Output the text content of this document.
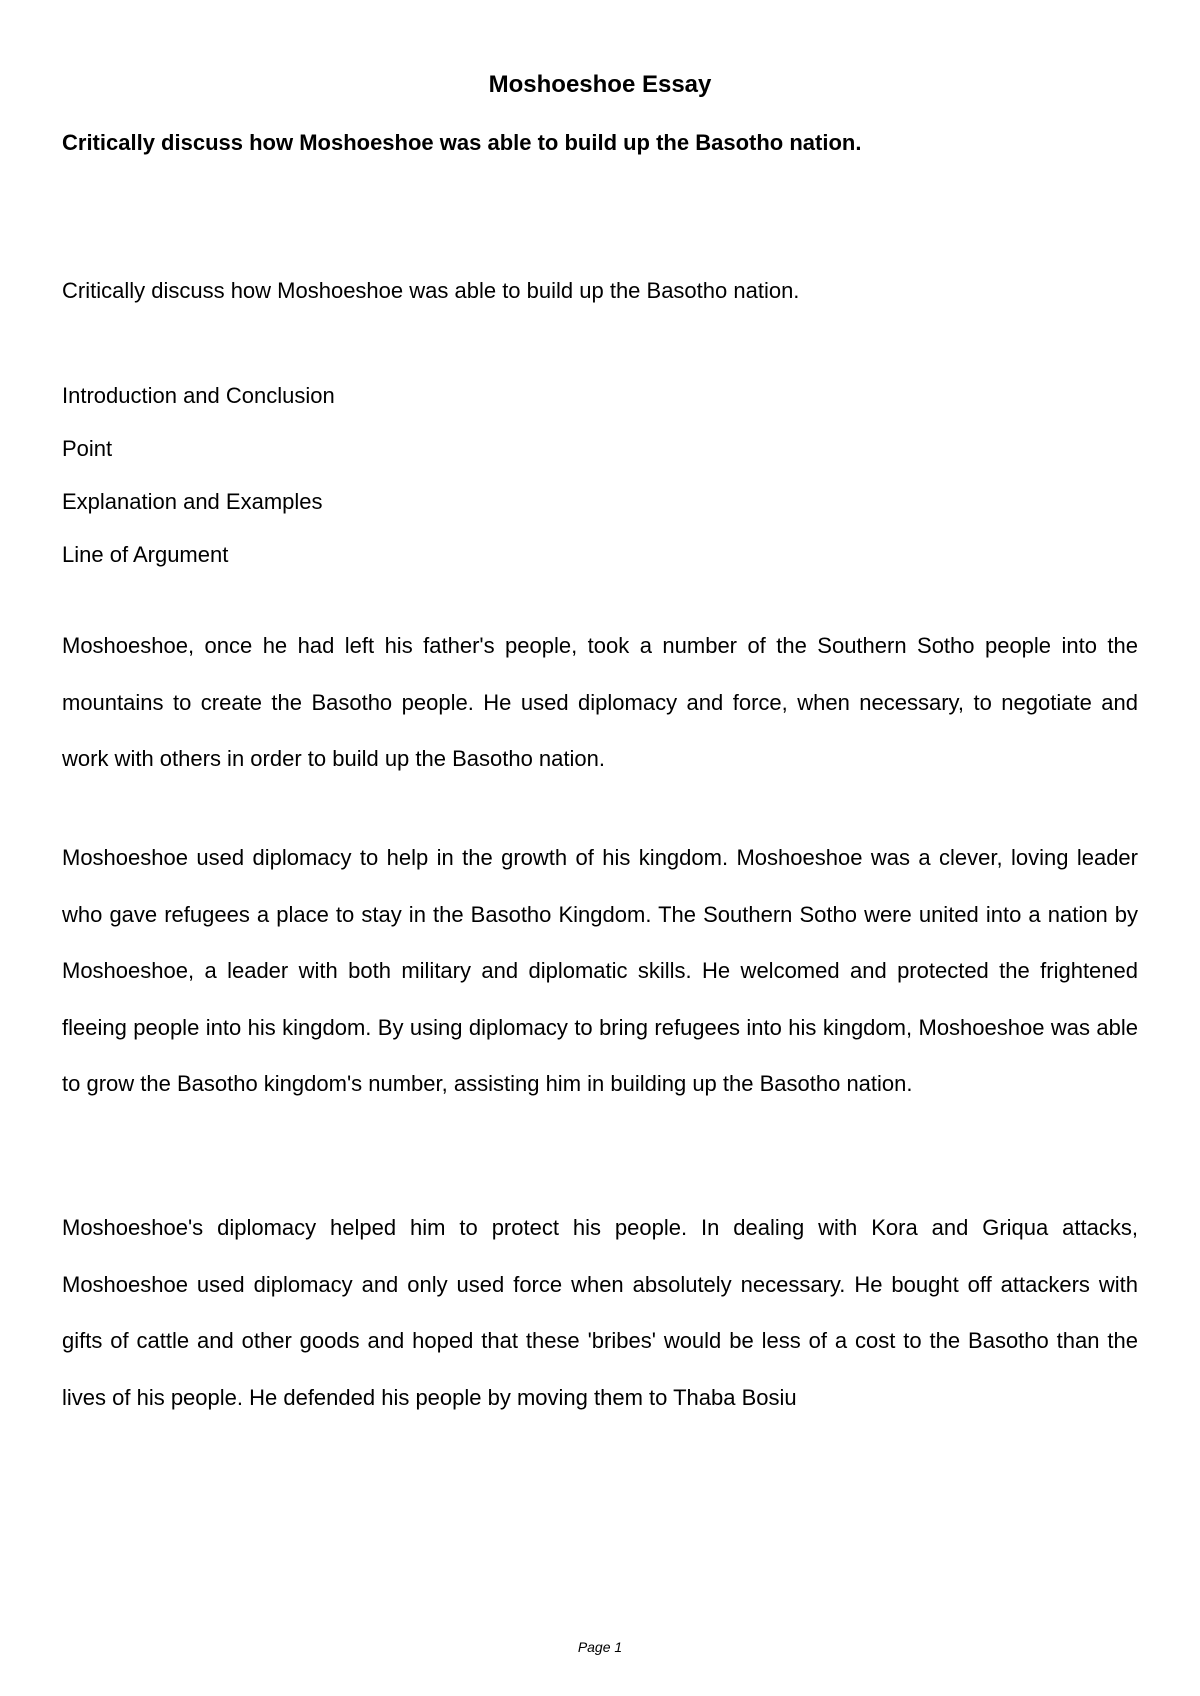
Moshoeshoe Essay
Critically discuss how Moshoeshoe was able to build up the Basotho nation.
Critically discuss how Moshoeshoe was able to build up the Basotho nation.
Introduction and Conclusion
Point
Explanation and Examples
Line of Argument

Moshoeshoe, once he had left his father's people, took a number of the Southern Sotho people into the mountains to create the Basotho people. He used diplomacy and force, when necessary, to negotiate and work with others in order to build up the Basotho nation.

Moshoeshoe used diplomacy to help in the growth of his kingdom. Moshoeshoe was a clever, loving leader who gave refugees a place to stay in the Basotho Kingdom. The Southern Sotho were united into a nation by Moshoeshoe, a leader with both military and diplomatic skills. He welcomed and protected the frightened fleeing people into his kingdom. By using diplomacy to bring refugees into his kingdom, Moshoeshoe was able to grow the Basotho kingdom's number, assisting him in building up the Basotho nation.

Moshoeshoe's diplomacy helped him to protect his people. In dealing with Kora and Griqua attacks, Moshoeshoe used diplomacy and only used force when absolutely necessary. He bought off attackers with gifts of cattle and other goods and hoped that these 'bribes' would be less of a cost to the Basotho than the lives of his people. He defended his people by moving them to Thaba Bosiu

Page 1
